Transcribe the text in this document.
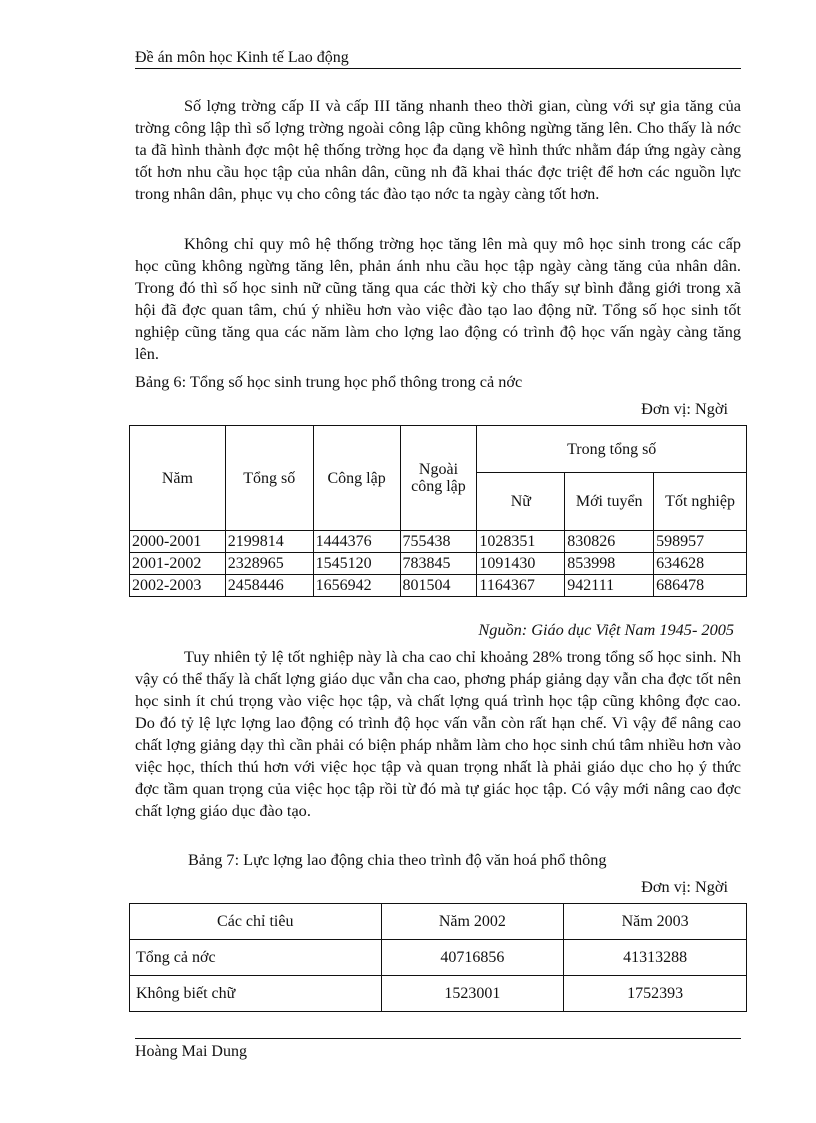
Đề án môn học Kinh tế Lao động

Số lợng trờng cấp II và cấp III tăng nhanh theo thời gian, cùng với sự gia tăng của trờng công lập thì số lợng trờng ngoài công lập cũng không ngừng tăng lên. Cho thấy là nớc ta đã hình thành đợc một hệ thống trờng học đa dạng về hình thức nhằm đáp ứng ngày càng tốt hơn nhu cầu học tập của nhân dân, cũng nh đã khai thác đợc triệt để hơn các nguồn lực trong nhân dân, phục vụ cho công tác đào tạo nớc ta ngày càng tốt hơn.

Không chỉ quy mô hệ thống trờng học tăng lên mà quy mô học sinh trong các cấp học cũng không ngừng tăng lên, phản ánh nhu cầu học tập ngày càng tăng của nhân dân. Trong đó thì số học sinh nữ cũng tăng qua các thời kỳ cho thấy sự bình đẳng giới trong xã hội đã đợc quan tâm, chú ý nhiều hơn vào việc đào tạo lao động nữ. Tổng số học sinh tốt nghiệp cũng tăng qua các năm làm cho lợng lao động có trình độ học vấn ngày càng tăng lên.

Bảng 6: Tổng số học sinh trung học phổ thông trong cả nớc

Đơn vị: Ngời

Năm	Tổng số	Công lập	Ngoài công lập	Trong tổng số		
				Nữ	Mới tuyển	Tốt nghiệp
2000-2001	2199814	1444376	755438	1028351	830826	598957
2001-2002	2328965	1545120	783845	1091430	853998	634628
2002-2003	2458446	1656942	801504	1164367	942111	686478

Nguồn: Giáo dục Việt Nam 1945- 2005

Tuy nhiên tỷ lệ tốt nghiệp này là cha cao chỉ khoảng 28% trong tổng số học sinh. Nh vậy có thể thấy là chất lợng giáo dục vẫn cha cao, phơng pháp giảng dạy vẫn cha đợc tốt nên học sinh ít chú trọng vào việc học tập, và chất lợng quá trình học tập cũng không đợc cao. Do đó tỷ lệ lực lợng lao động có trình độ học vấn vẫn còn rất hạn chế. Vì vậy để nâng cao chất lợng giảng dạy thì cần phải có biện pháp nhằm làm cho học sinh chú tâm nhiều hơn vào việc học, thích thú hơn với việc học tập và quan trọng nhất là phải giáo dục cho họ ý thức đợc tầm quan trọng của việc học tập rồi từ đó mà tự giác học tập. Có vậy mới nâng cao đợc chất lợng giáo dục đào tạo.

Bảng 7: Lực lợng lao động chia theo trình độ văn hoá phổ thông

Đơn vị: Ngời

Các chỉ tiêu	Năm 2002	Năm 2003
Tổng cả nớc	40716856	41313288
Không biết chữ	1523001	1752393
Hoàng Mai Dung
